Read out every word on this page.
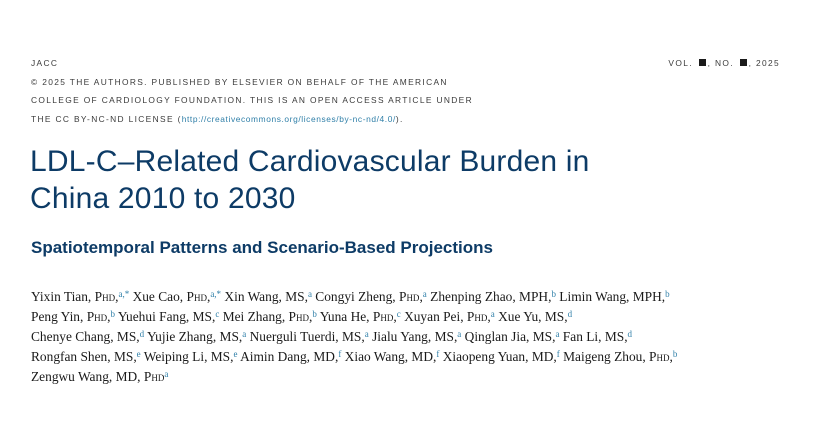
JACC
© 2025 THE AUTHORS. PUBLISHED BY ELSEVIER ON BEHALF OF THE AMERICAN
COLLEGE OF CARDIOLOGY FOUNDATION. THIS IS AN OPEN ACCESS ARTICLE UNDER
THE CC BY-NC-ND LICENSE (http://creativecommons.org/licenses/by-nc-nd/4.0/).
VOL. , NO. , 2025
LDL-C–Related Cardiovascular Burden in
China 2010 to 2030
Spatiotemporal Patterns and Scenario-Based Projections
Yixin Tian, Phd,$^{a,*}$ Xue Cao, Phd,$^{a,*}$ Xin Wang, MS,$^a$ Congyi Zheng, Phd,$^a$ Zhenping Zhao, MPH,$^b$ Limin Wang, MPH,$^b$
Peng Yin, Phd,$^b$ Yuehui Fang, MS,$^c$ Mei Zhang, Phd,$^b$ Yuna He, Phd,$^c$ Xuyan Pei, Phd,$^a$ Xue Yu, MS,$^d$
Chenye Chang, MS,$^d$ Yujie Zhang, MS,$^a$ Nuerguli Tuerdi, MS,$^a$ Jialu Yang, MS,$^a$ Qinglan Jia, MS,$^a$ Fan Li, MS,$^d$
Rongfan Shen, MS,$^e$ Weiping Li, MS,$^e$ Aimin Dang, MD,$^f$ Xiao Wang, MD,$^f$ Xiaopeng Yuan, MD,$^f$ Maigeng Zhou, Phd,$^b$
Zengwu Wang, MD, Phd$^a$
